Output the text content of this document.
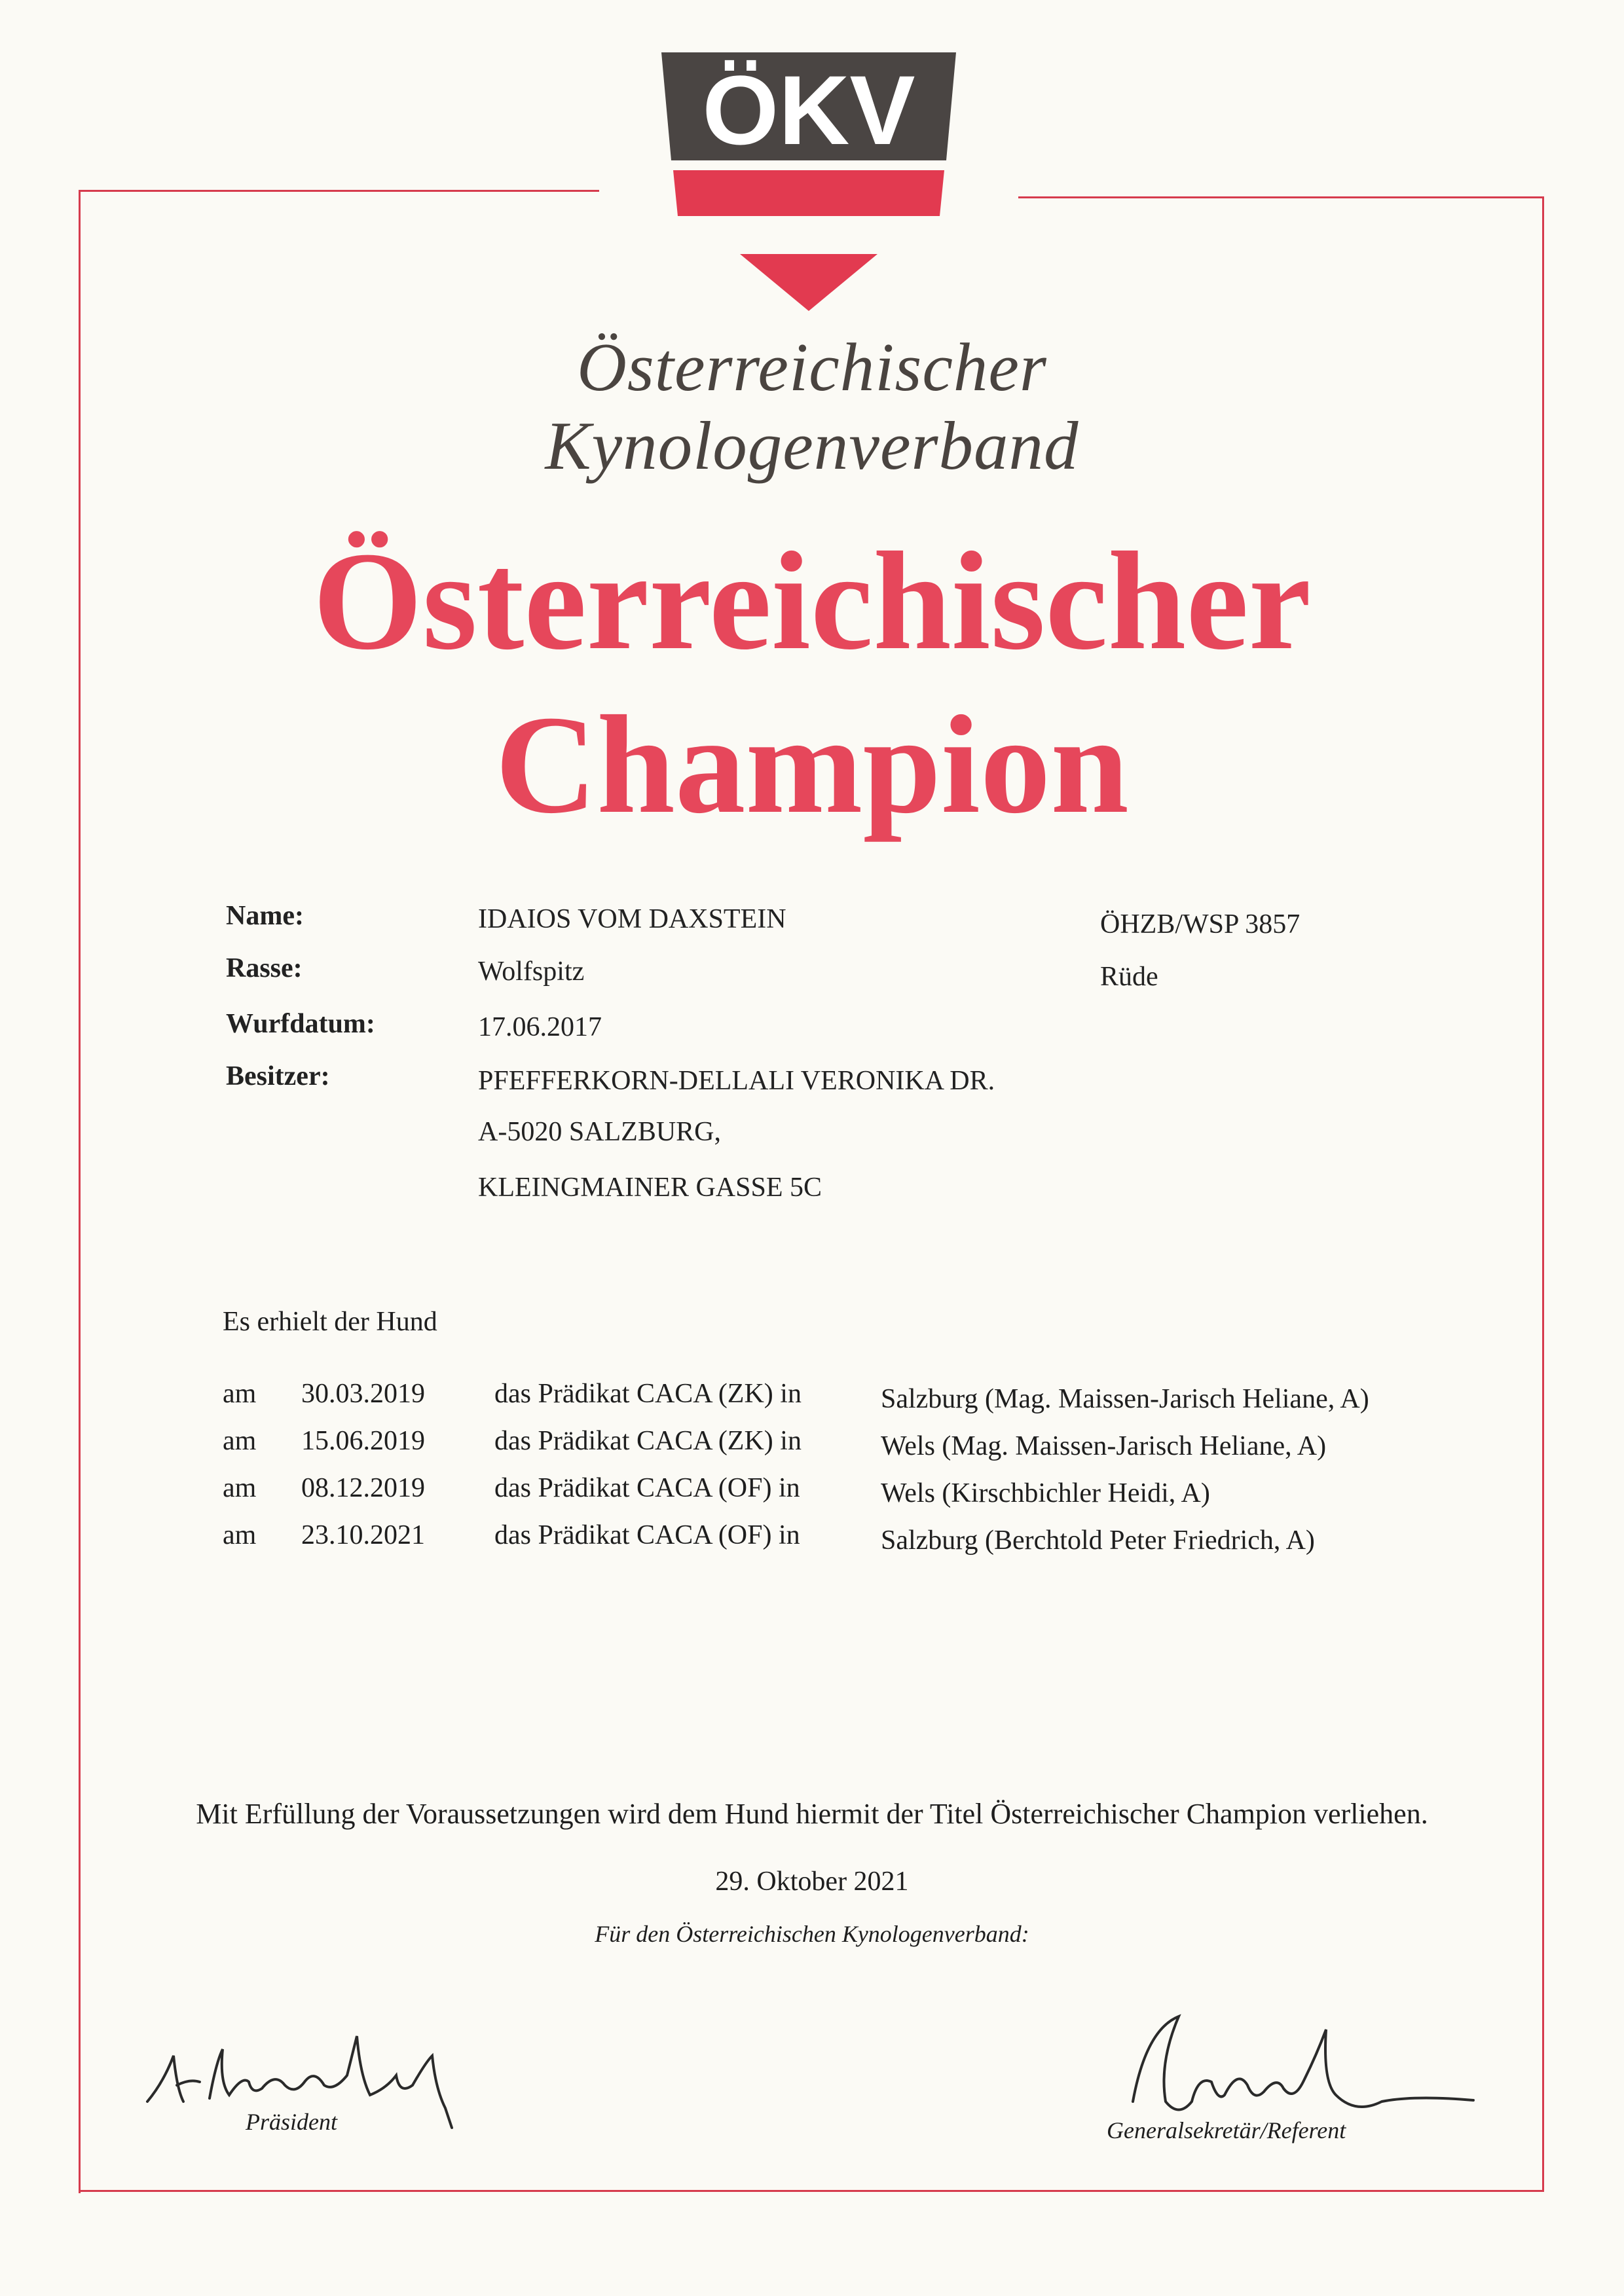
ÖKV
Österreichischer
Kynologenverband
Österreichischer
Champion
Name:	IDAIOS VOM DAXSTEIN	ÖHZB/WSP 3857
Rasse:	Wolfspitz	Rüde
Wurfdatum:	17.06.2017
Besitzer:	PFEFFERKORN-DELLALI VERONIKA DR.
A-5020 SALZBURG,
KLEINGMAINER GASSE 5C
Es erhielt der Hund
am 30.03.2019	das Prädikat CACA (ZK) in	Salzburg (Mag. Maissen-Jarisch Heliane, A)
am 15.06.2019	das Prädikat CACA (ZK) in	Wels (Mag. Maissen-Jarisch Heliane, A)
am 08.12.2019	das Prädikat CACA (OF) in	Wels (Kirschbichler Heidi, A)
am 23.10.2021	das Prädikat CACA (OF) in	Salzburg (Berchtold Peter Friedrich, A)
Mit Erfüllung der Voraussetzungen wird dem Hund hiermit der Titel Österreichischer Champion verliehen.
29. Oktober 2021
Für den Österreichischen Kynologenverband:
Präsident	Generalsekretär/Referent
